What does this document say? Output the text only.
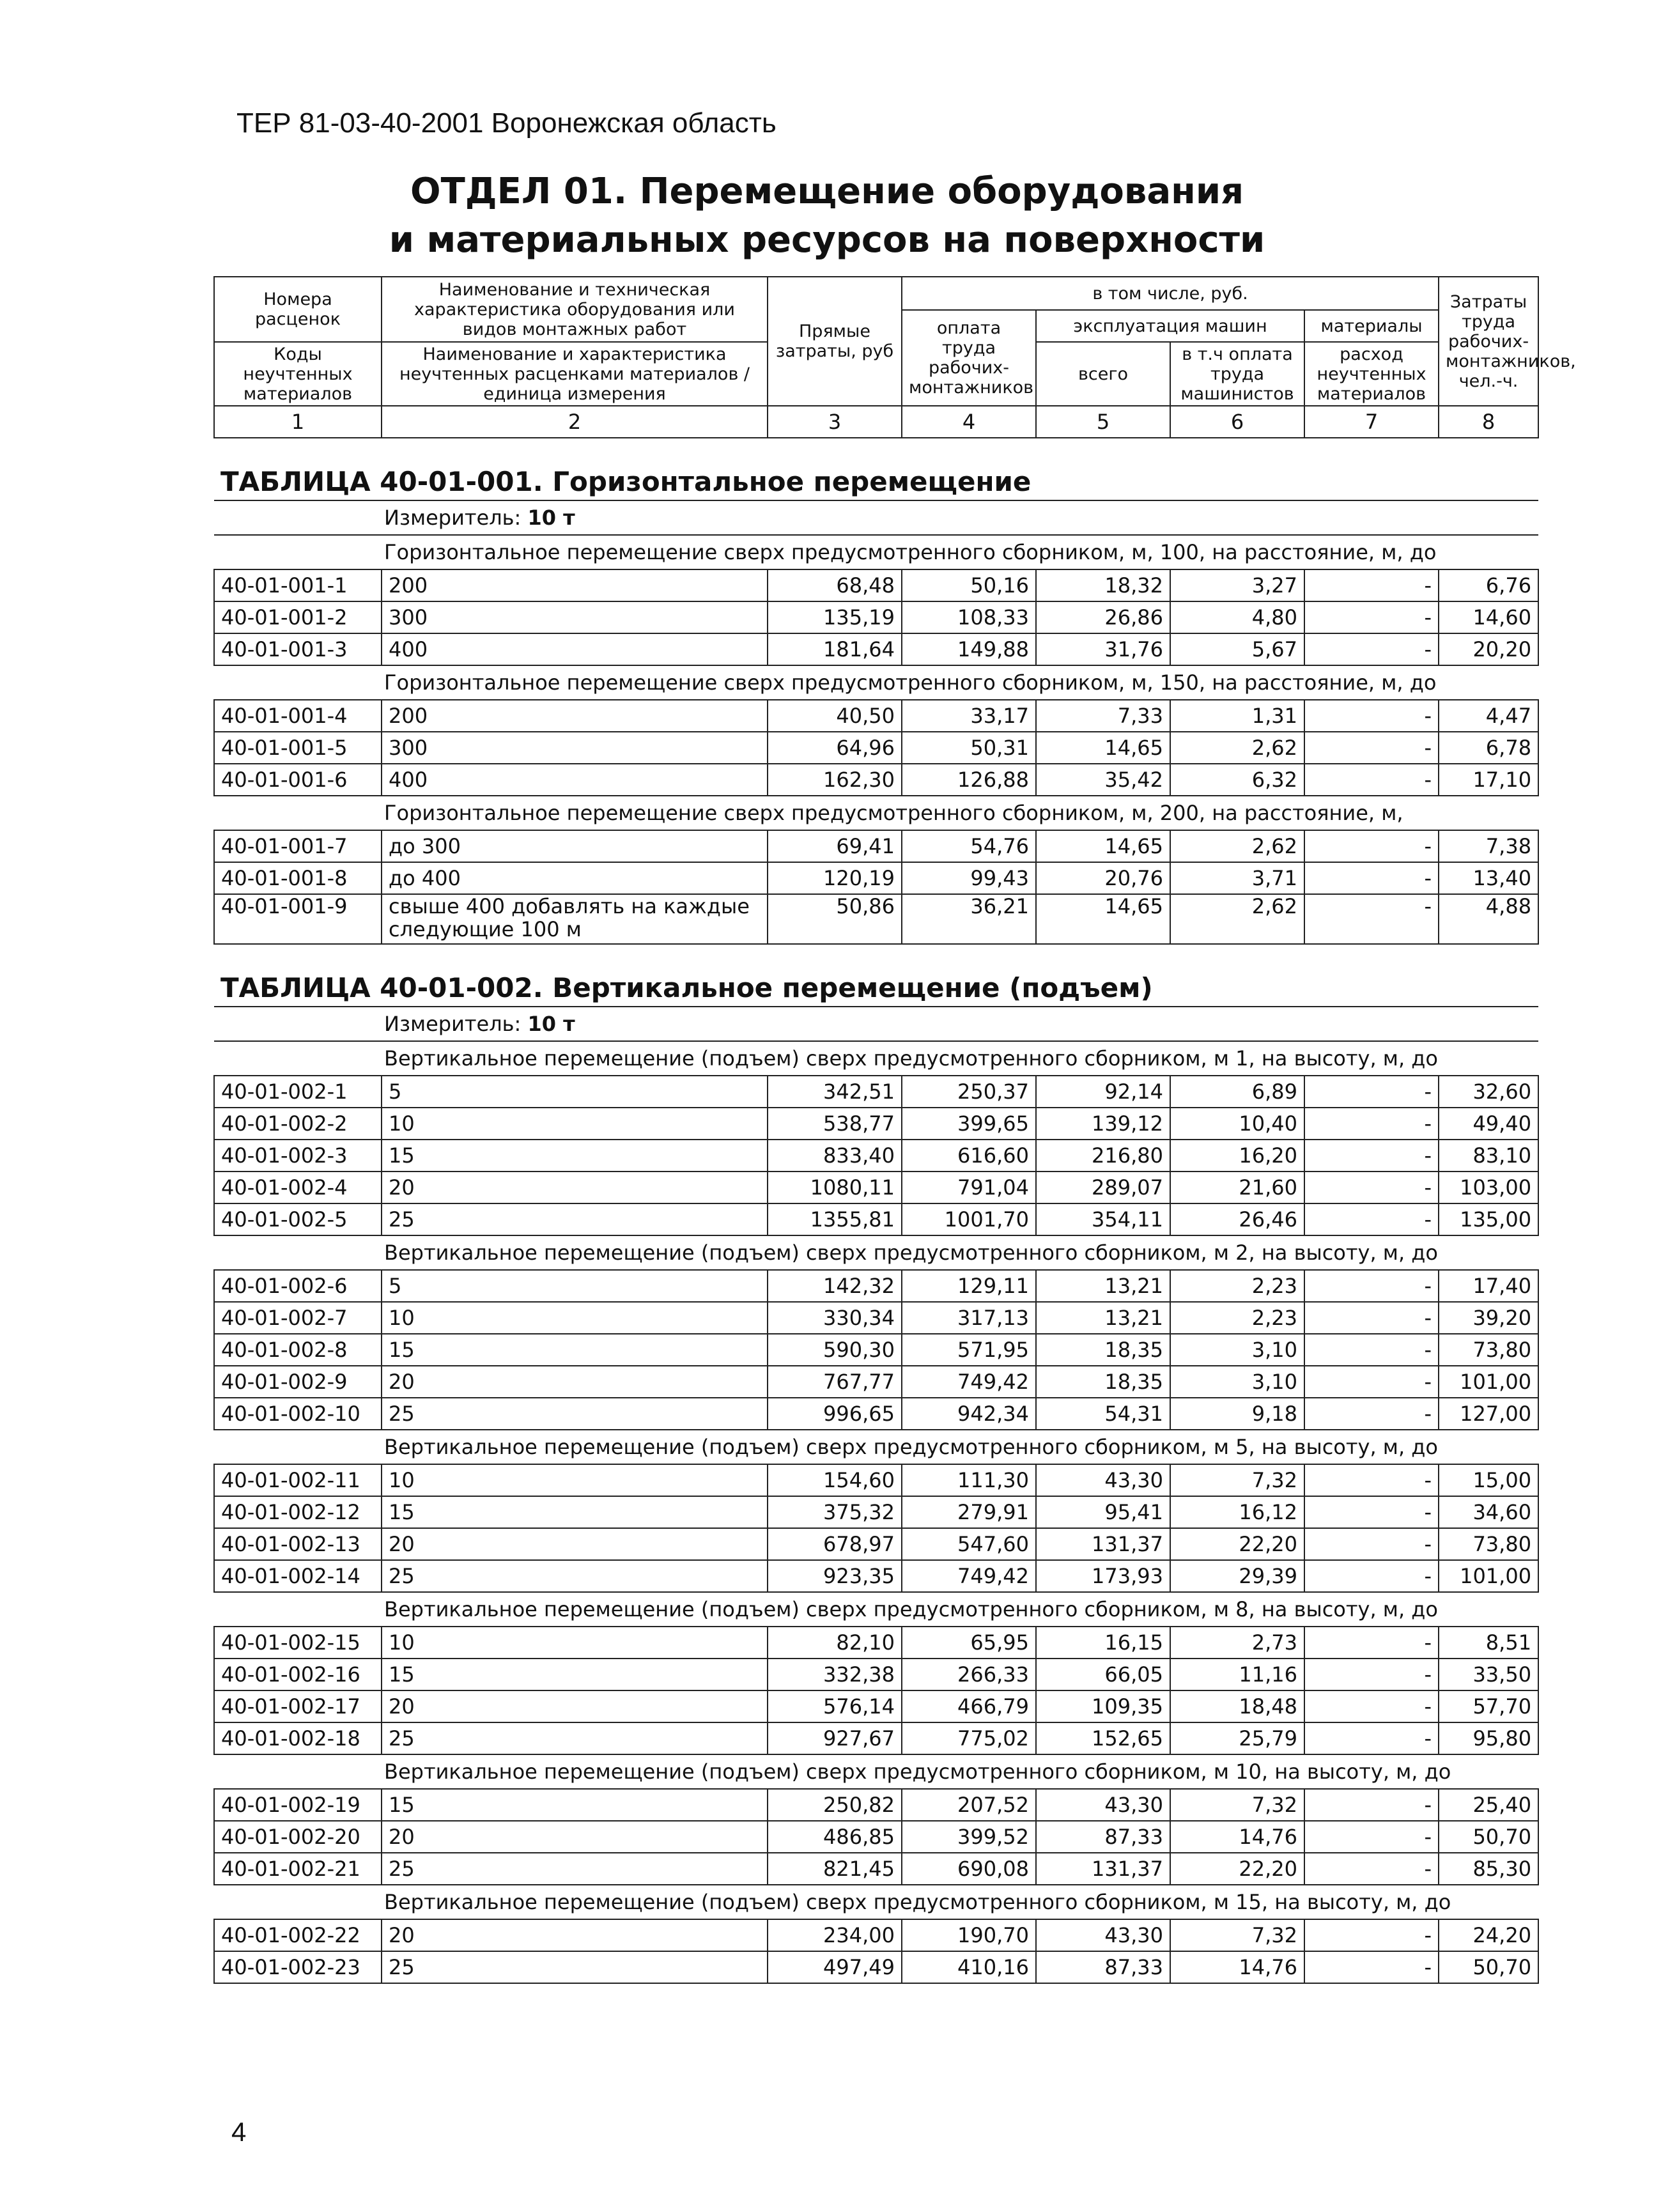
ТЕР 81-03-40-2001 Воронежская область
ОТДЕЛ 01. Перемещение оборудования
и материальных ресурсов на поверхности
Номера расценок	Наименование и техническая характеристика оборудования или видов монтажных работ	Прямые затраты, руб	в том числе, руб.				Затраты труда рабочих-монтажников, чел.-ч.
			оплата труда рабочих-монтажников	эксплуатация машин		материалы	
Коды неучтенных материалов	Наименование и характеристика неучтенных расценками материалов / единица измерения			всего	в т.ч оплата труда машинистов	расход неучтенных материалов	

1	2	3	4	5	6	7	8
ТАБЛИЦА 40-01-001. Горизонтальное перемещение							
Измеритель: 10 т							
Горизонтальное перемещение сверх предусмотренного сборником, м, 100, на расстояние, м, до							
40-01-001-1	200	68,48	50,16	18,32	3,27	-	6,76
40-01-001-2	300	135,19	108,33	26,86	4,80	-	14,60
40-01-001-3	400	181,64	149,88	31,76	5,67	-	20,20
Горизонтальное перемещение сверх предусмотренного сборником, м, 150, на расстояние, м, до							
40-01-001-4	200	40,50	33,17	7,33	1,31	-	4,47
40-01-001-5	300	64,96	50,31	14,65	2,62	-	6,78
40-01-001-6	400	162,30	126,88	35,42	6,32	-	17,10
Горизонтальное перемещение сверх предусмотренного сборником, м, 200, на расстояние, м,							
40-01-001-7	до 300	69,41	54,76	14,65	2,62	-	7,38
40-01-001-8	до 400	120,19	99,43	20,76	3,71	-	13,40
40-01-001-9	свыше 400 добавлять на каждые следующие 100 м	50,86	36,21	14,65	2,62	-	4,88
ТАБЛИЦА 40-01-002. Вертикальное перемещение (подъем)							
Измеритель: 10 т							
Вертикальное перемещение (подъем) сверх предусмотренного сборником, м 1, на высоту, м, до							
40-01-002-1	5	342,51	250,37	92,14	6,89	-	32,60
40-01-002-2	10	538,77	399,65	139,12	10,40	-	49,40
40-01-002-3	15	833,40	616,60	216,80	16,20	-	83,10
40-01-002-4	20	1080,11	791,04	289,07	21,60	-	103,00
40-01-002-5	25	1355,81	1001,70	354,11	26,46	-	135,00
Вертикальное перемещение (подъем) сверх предусмотренного сборником, м 2, на высоту, м, до							
40-01-002-6	5	142,32	129,11	13,21	2,23	-	17,40
40-01-002-7	10	330,34	317,13	13,21	2,23	-	39,20
40-01-002-8	15	590,30	571,95	18,35	3,10	-	73,80
40-01-002-9	20	767,77	749,42	18,35	3,10	-	101,00
40-01-002-10	25	996,65	942,34	54,31	9,18	-	127,00
Вертикальное перемещение (подъем) сверх предусмотренного сборником, м 5, на высоту, м, до							
40-01-002-11	10	154,60	111,30	43,30	7,32	-	15,00
40-01-002-12	15	375,32	279,91	95,41	16,12	-	34,60
40-01-002-13	20	678,97	547,60	131,37	22,20	-	73,80
40-01-002-14	25	923,35	749,42	173,93	29,39	-	101,00
Вертикальное перемещение (подъем) сверх предусмотренного сборником, м 8, на высоту, м, до							
40-01-002-15	10	82,10	65,95	16,15	2,73	-	8,51
40-01-002-16	15	332,38	266,33	66,05	11,16	-	33,50
40-01-002-17	20	576,14	466,79	109,35	18,48	-	57,70
40-01-002-18	25	927,67	775,02	152,65	25,79	-	95,80
Вертикальное перемещение (подъем) сверх предусмотренного сборником, м 10, на высоту, м, до							
40-01-002-19	15	250,82	207,52	43,30	7,32	-	25,40
40-01-002-20	20	486,85	399,52	87,33	14,76	-	50,70
40-01-002-21	25	821,45	690,08	131,37	22,20	-	85,30
Вертикальное перемещение (подъем) сверх предусмотренного сборником, м 15, на высоту, м, до							
40-01-002-22	20	234,00	190,70	43,30	7,32	-	24,20
40-01-002-23	25	497,49	410,16	87,33	14,76	-	50,70
4
